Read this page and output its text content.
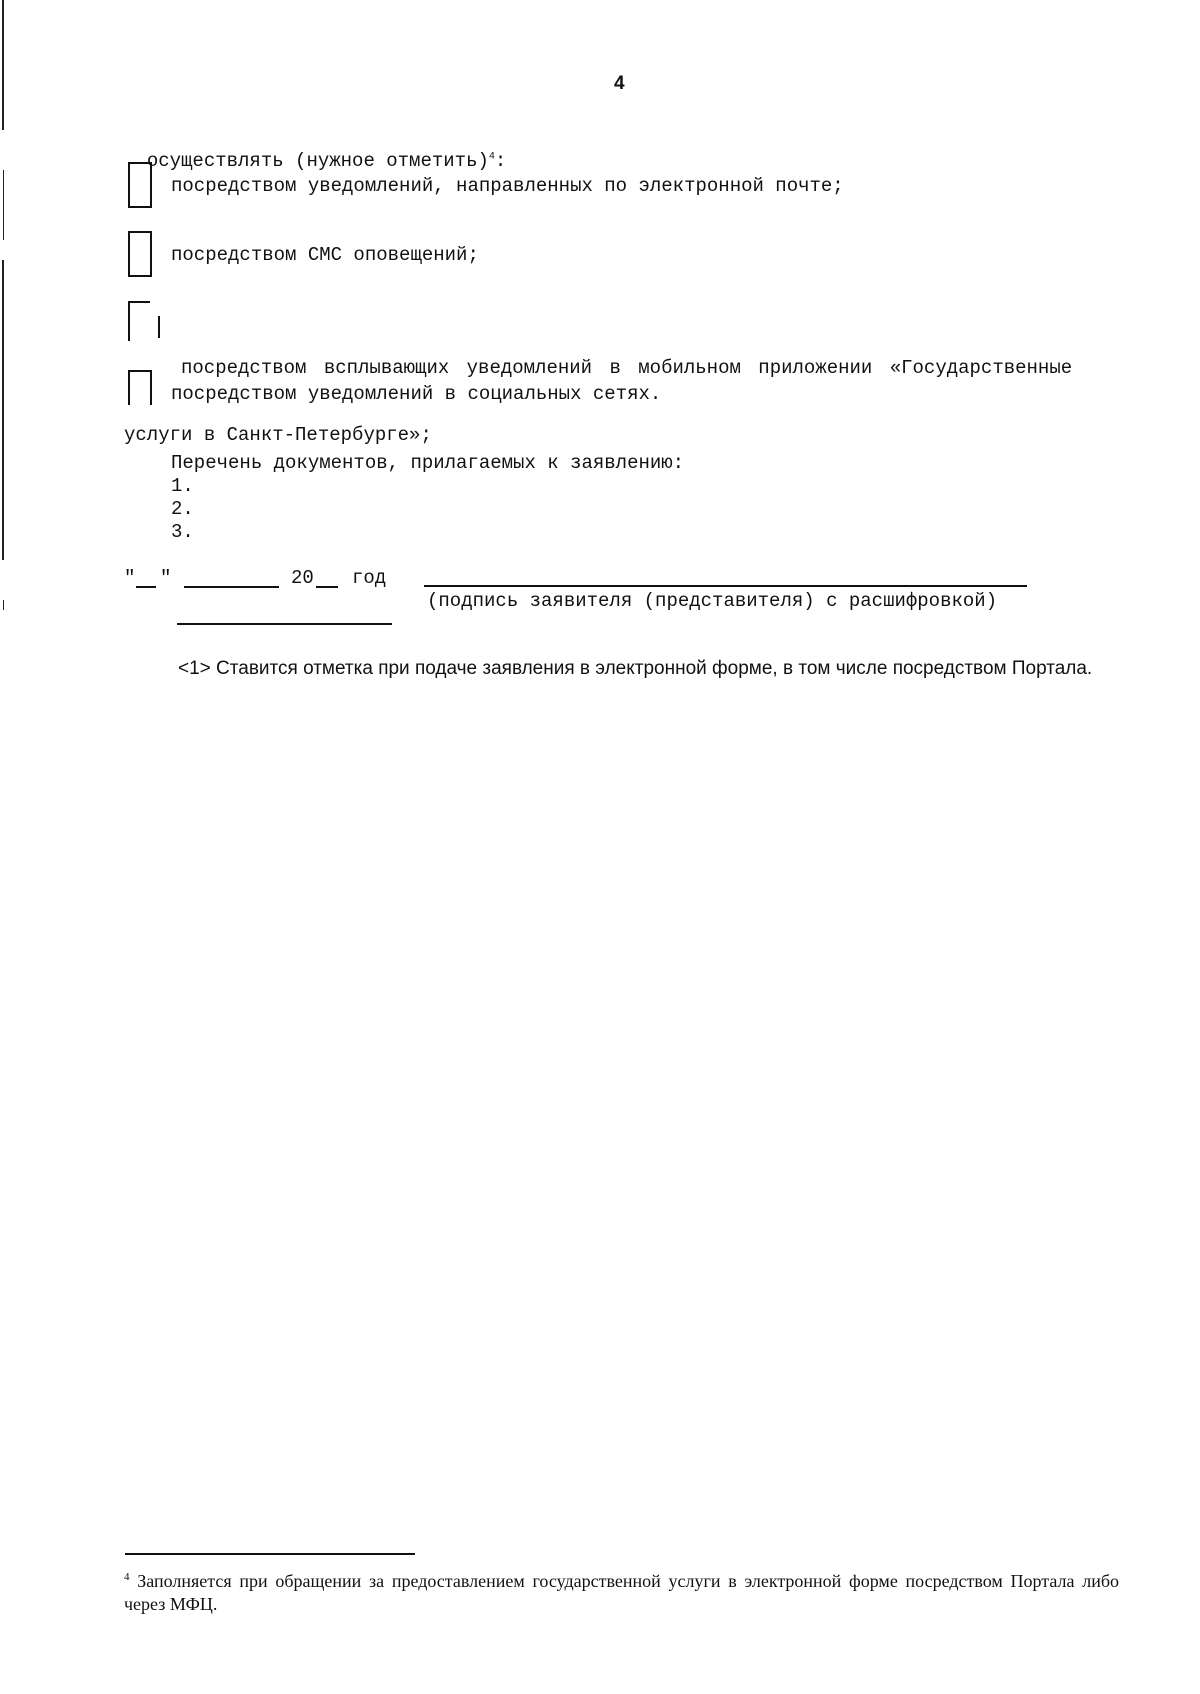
4

осуществлять (нужное отметить)$^4$:

посредством уведомлений, направленных по электронной почте;
посредством СМС оповещений;

посредством всплывающих уведомлений в мобильном приложении «Государственные

услуги в Санкт-Петербурге»;

посредством уведомлений в социальных сетях.
Перечень документов, прилагаемых к заявлению:
1.
2.
3.
" "	20 год
(подпись заявителя (представителя) с расшифровкой)
<1> Ставится отметка при подаче заявления в электронной форме, в том числе посредством Портала.
$^4$ Заполняется при обращении за предоставлением государственной услуги в электронной форме посредством Портала либо через МФЦ.
